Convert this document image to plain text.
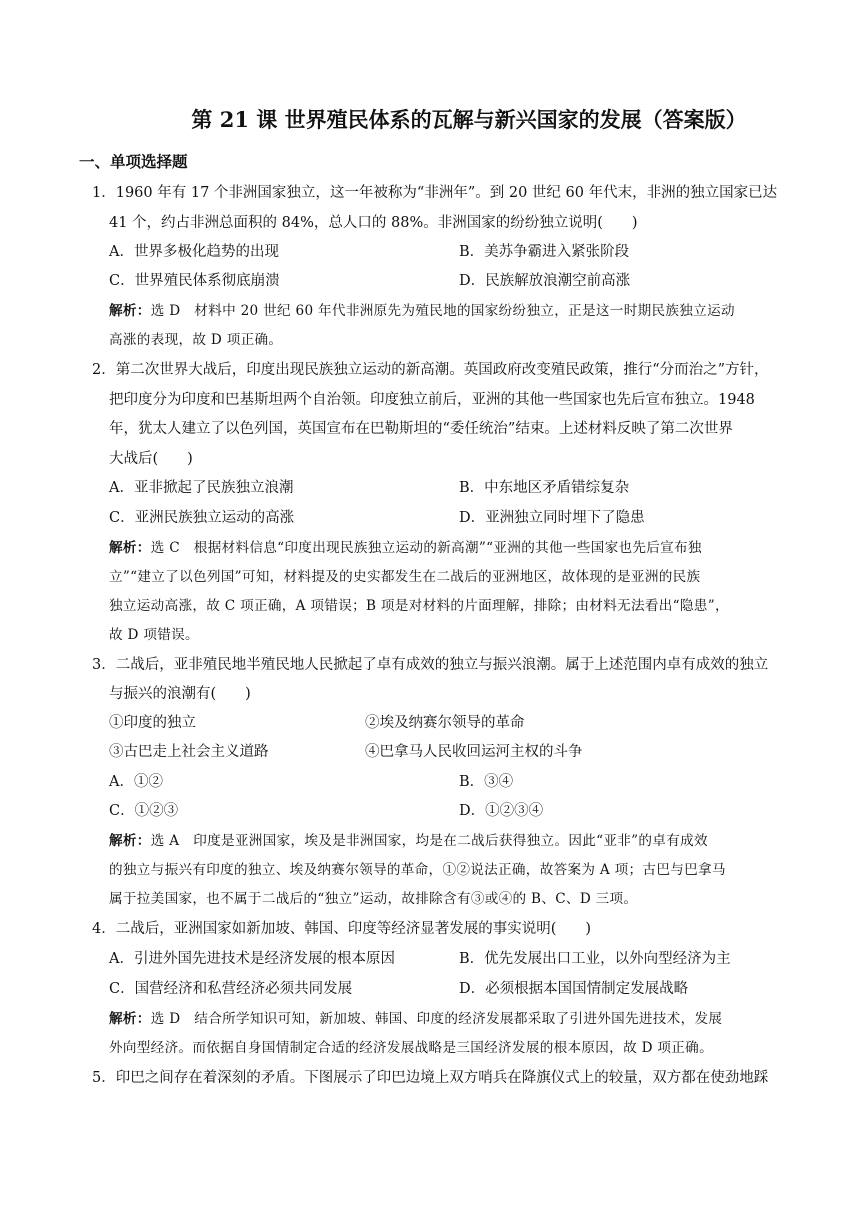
第 21 课 世界殖民体系的瓦解与新兴国家的发展（答案版）
一、单项选择题
1．1960 年有 17 个非洲国家独立，这一年被称为“非洲年”。到 20 世纪 60 年代末，非洲的独立国家已达
41 个，约占非洲总面积的 84%，总人口的 88%。非洲国家的纷纷独立说明(　　)
A．世界多极化趋势的出现	B．美苏争霸进入紧张阶段
C．世界殖民体系彻底崩溃	D．民族解放浪潮空前高涨
解析：选 D　材料中 20 世纪 60 年代非洲原先为殖民地的国家纷纷独立，正是这一时期民族独立运动
高涨的表现，故 D 项正确。
2．第二次世界大战后，印度出现民族独立运动的新高潮。英国政府改变殖民政策，推行“分而治之”方针，
把印度分为印度和巴基斯坦两个自治领。印度独立前后，亚洲的其他一些国家也先后宣布独立。1948
年，犹太人建立了以色列国，英国宣布在巴勒斯坦的“委任统治”结束。上述材料反映了第二次世界
大战后(　　)
A．亚非掀起了民族独立浪潮	B．中东地区矛盾错综复杂
C．亚洲民族独立运动的高涨	D．亚洲独立同时埋下了隐患
解析：选 C　根据材料信息“印度出现民族独立运动的新高潮”“亚洲的其他一些国家也先后宣布独
立”“建立了以色列国”可知，材料提及的史实都发生在二战后的亚洲地区，故体现的是亚洲的民族
独立运动高涨，故 C 项正确，A 项错误；B 项是对材料的片面理解，排除；由材料无法看出“隐患”，
故 D 项错误。
3．二战后，亚非殖民地半殖民地人民掀起了卓有成效的独立与振兴浪潮。属于上述范围内卓有成效的独立
与振兴的浪潮有(　　)
①印度的独立	②埃及纳赛尔领导的革命
③古巴走上社会主义道路	④巴拿马人民收回运河主权的斗争
A．①②	B．③④
C．①②③	D．①②③④
解析：选 A　印度是亚洲国家，埃及是非洲国家，均是在二战后获得独立。因此“亚非”的卓有成效
的独立与振兴有印度的独立、埃及纳赛尔领导的革命，①②说法正确，故答案为 A 项；古巴与巴拿马
属于拉美国家，也不属于二战后的“独立”运动，故排除含有③或④的 B、C、D 三项。
4．二战后，亚洲国家如新加坡、韩国、印度等经济显著发展的事实说明(　　)
A．引进外国先进技术是经济发展的根本原因	B．优先发展出口工业，以外向型经济为主
C．国营经济和私营经济必须共同发展	D．必须根据本国国情制定发展战略
解析：选 D　结合所学知识可知，新加坡、韩国、印度的经济发展都采取了引进外国先进技术，发展
外向型经济。而依据自身国情制定合适的经济发展战略是三国经济发展的根本原因，故 D 项正确。
5．印巴之间存在着深刻的矛盾。下图展示了印巴边境上双方哨兵在降旗仪式上的较量，双方都在使劲地踩
